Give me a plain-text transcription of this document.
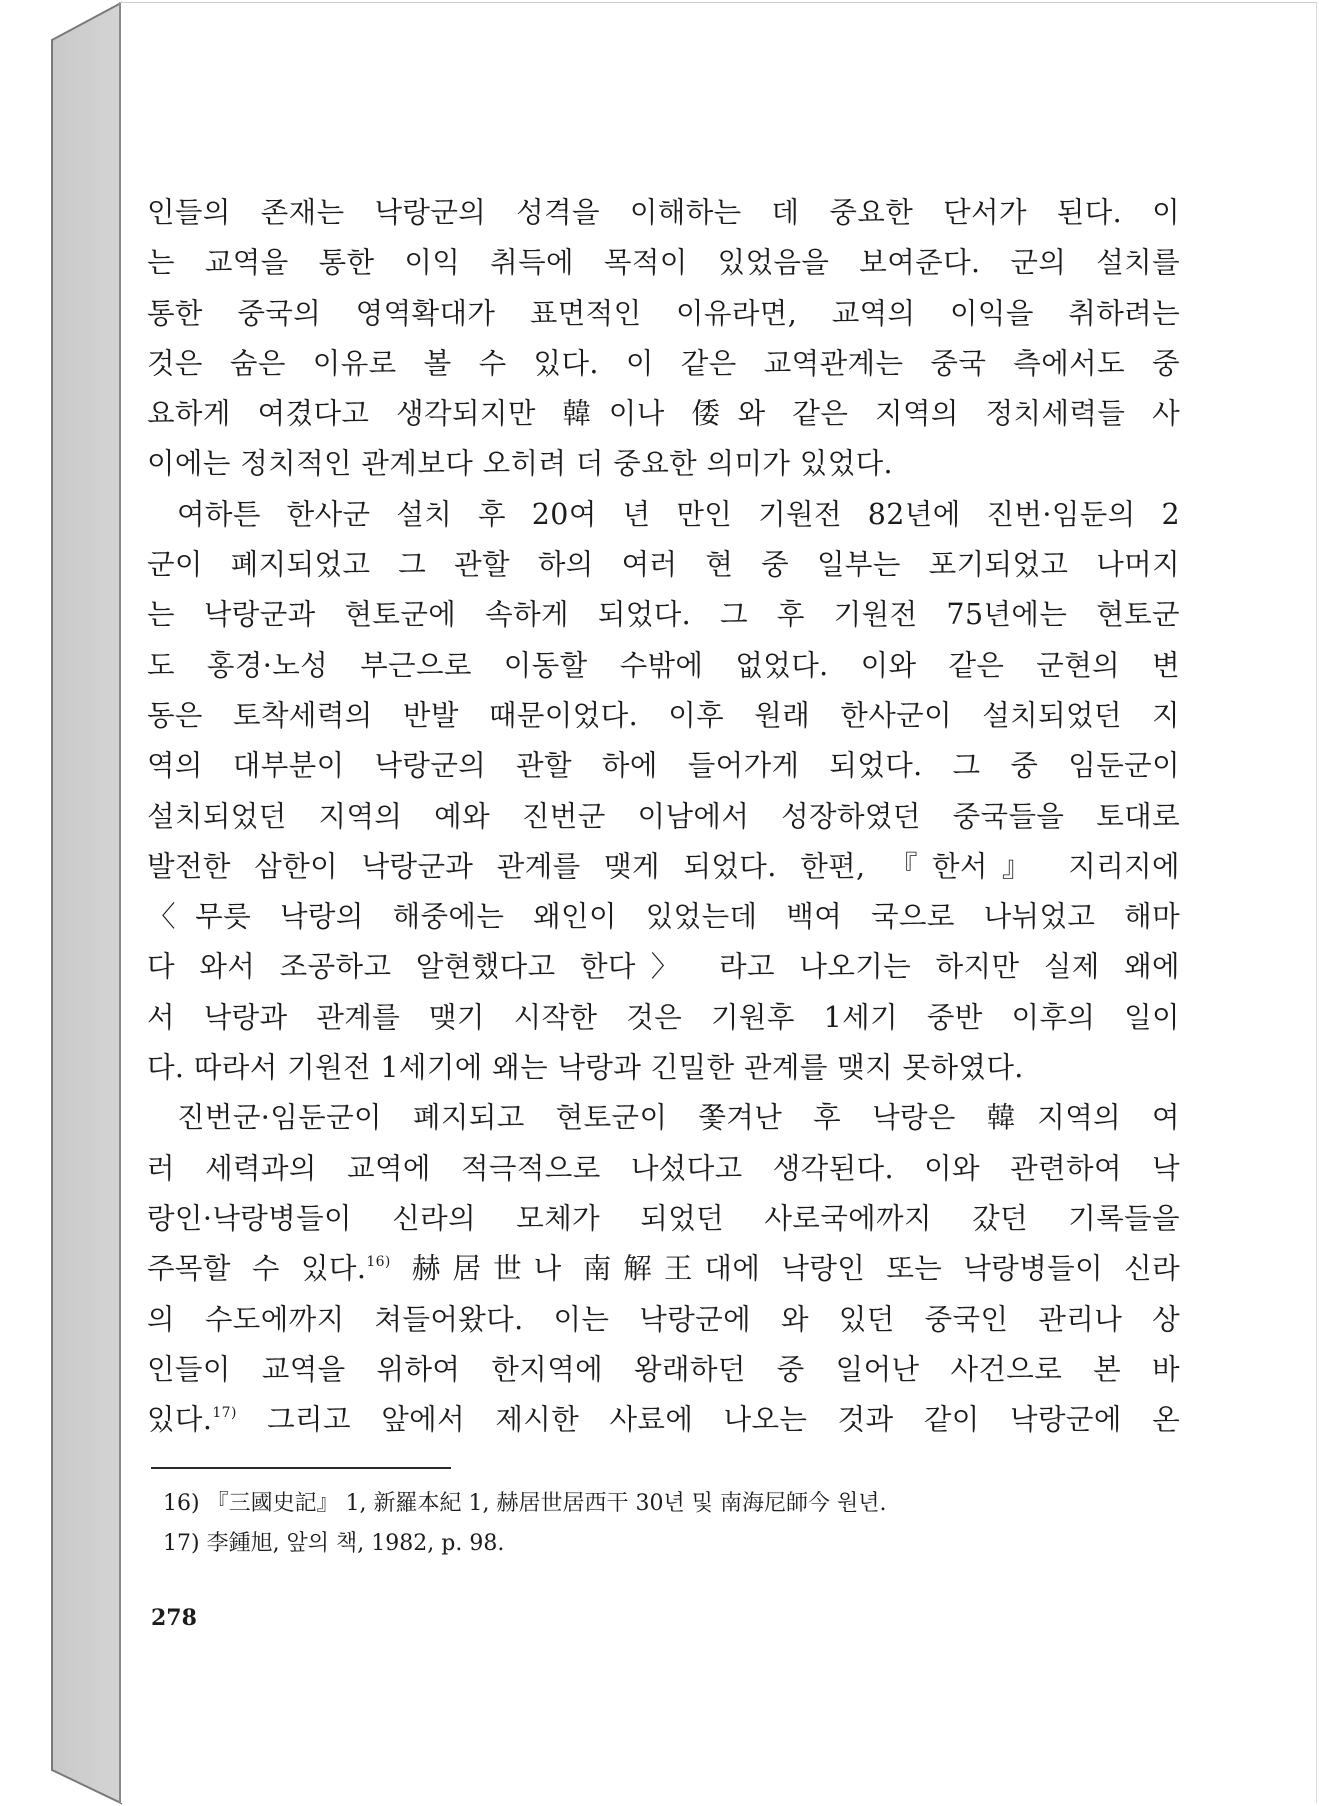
인들의 존재는 낙랑군의 성격을 이해하는 데 중요한 단서가 된다. 이
는 교역을 통한 이익 취득에 목적이 있었음을 보여준다. 군의 설치를
통한 중국의 영역확대가 표면적인 이유라면, 교역의 이익을 취하려는
것은 숨은 이유로 볼 수 있다. 이 같은 교역관계는 중국 측에서도 중
요하게 여겼다고 생각되지만 韓이나 倭와 같은 지역의 정치세력들 사
이에는 정치적인 관계보다 오히려 더 중요한 의미가 있었다.
여하튼 한사군 설치 후 20여 년 만인 기원전 82년에 진번·임둔의 2
군이 폐지되었고 그 관할 하의 여러 현 중 일부는 포기되었고 나머지
는 낙랑군과 현토군에 속하게 되었다. 그 후 기원전 75년에는 현토군
도 홍경·노성 부근으로 이동할 수밖에 없었다. 이와 같은 군현의 변
동은 토착세력의 반발 때문이었다. 이후 원래 한사군이 설치되었던 지
역의 대부분이 낙랑군의 관할 하에 들어가게 되었다. 그 중 임둔군이
설치되었던 지역의 예와 진번군 이남에서 성장하였던 중국들을 토대로
발전한 삼한이 낙랑군과 관계를 맺게 되었다. 한편, 『한서』 지리지에
〈무릇 낙랑의 해중에는 왜인이 있었는데 백여 국으로 나뉘었고 해마
다 와서 조공하고 알현했다고 한다〉 라고 나오기는 하지만 실제 왜에
서 낙랑과 관계를 맺기 시작한 것은 기원후 1세기 중반 이후의 일이
다. 따라서 기원전 1세기에 왜는 낙랑과 긴밀한 관계를 맺지 못하였다.
진번군·임둔군이 폐지되고 현토군이 쫓겨난 후 낙랑은 韓지역의 여
러 세력과의 교역에 적극적으로 나섰다고 생각된다. 이와 관련하여 낙
랑인·낙랑병들이 신라의 모체가 되었던 사로국에까지 갔던 기록들을
주목할 수 있다.$^{16)}$ 赫居世나 南解王대에 낙랑인 또는 낙랑병들이 신라
의 수도에까지 쳐들어왔다. 이는 낙랑군에 와 있던 중국인 관리나 상
인들이 교역을 위하여 한지역에 왕래하던 중 일어난 사건으로 본 바
있다.$^{17)}$ 그리고 앞에서 제시한 사료에 나오는 것과 같이 낙랑군에 온
16) 『三國史記』 1, 新羅本紀 1, 赫居世居西干 30년 및 南海尼師今 원년.
17) 李鍾旭, 앞의 책, 1982, p. 98.
278
